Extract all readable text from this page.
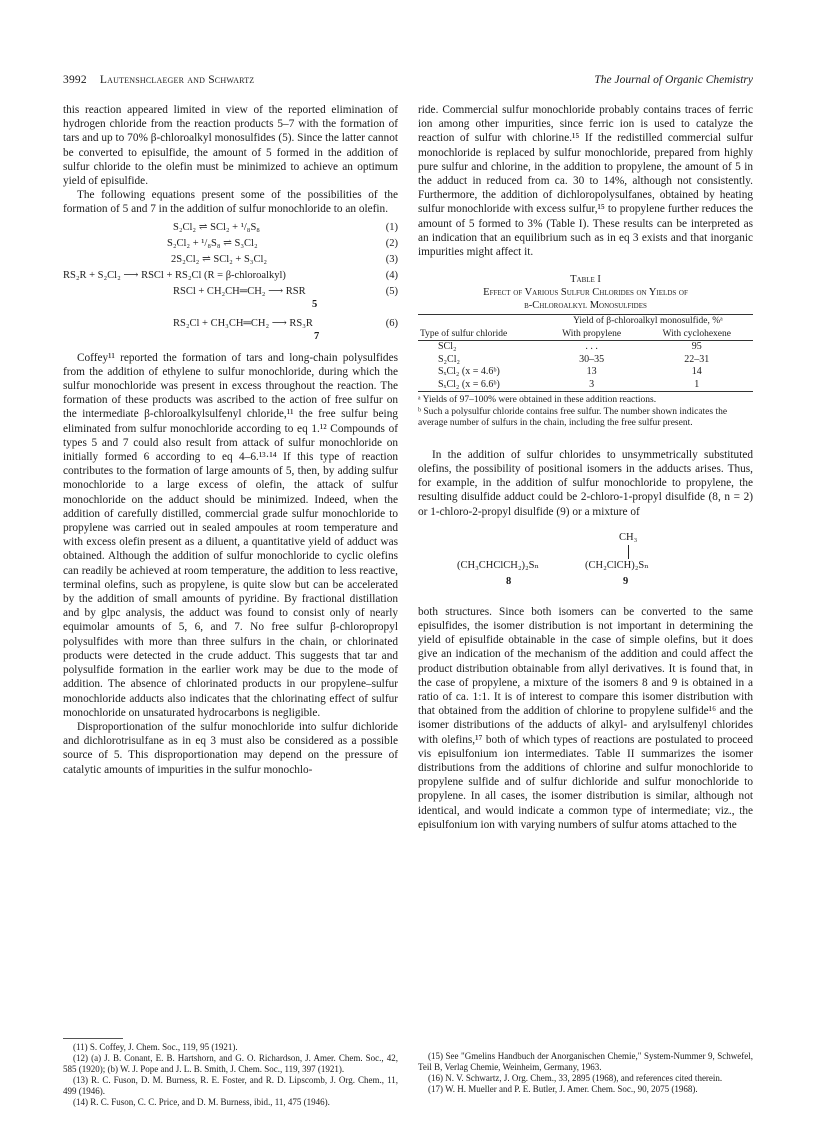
3992 Lautenshclaeger and Schwartz	The Journal of Organic Chemistry

this reaction appeared limited in view of the reported elimination of hydrogen chloride from the reaction products 5–7 with the formation of tars and up to 70% β-chloroalkyl monosulfides (5). Since the latter cannot be converted to episulfide, the amount of 5 formed in the addition of sulfur chloride to the olefin must be minimized to achieve an optimum yield of episulfide.

The following equations present some of the possibilities of the formation of 5 and 7 in the addition of sulfur monochloride to an olefin.

S₂Cl₂ ⇌ SCl₂ + ¹/₈S₈	(1)
S₂Cl₂ + ¹/₈S₈ ⇌ S₃Cl₂	(2)
2S₂Cl₂ ⇌ SCl₂ + S₃Cl₂	(3)
RS₂R + S₂Cl₂ ⟶ RSCl + RS₂Cl (R = β-chloroalkyl)	(4)
RSCl + CH₂CH═CH₂ ⟶ RSR
5
(5)
RS₂Cl + CH₃CH═CH₂ ⟶ RS₃R
7
(6)

Coffey¹¹ reported the formation of tars and long-chain polysulfides from the addition of ethylene to sulfur monochloride, during which the sulfur monochloride was present in excess throughout the reaction. The formation of these products was ascribed to the action of free sulfur on the intermediate β-chloroalkylsulfenyl chloride,¹¹ the free sulfur being eliminated from sulfur monochloride according to eq 1.¹² Compounds of types 5 and 7 could also result from attack of sulfur monochloride on initially formed 6 according to eq 4–6.¹³·¹⁴ If this type of reaction contributes to the formation of large amounts of 5, then, by adding sulfur monochloride to a large excess of olefin, the attack of sulfur monochloride on the adduct should be minimized. Indeed, when the addition of carefully distilled, commercial grade sulfur monochloride to propylene was carried out in sealed ampoules at room temperature and with excess olefin present as a diluent, a quantitative yield of adduct was obtained. Although the addition of sulfur monochloride to cyclic olefins can readily be achieved at room temperature, the addition to less reactive, terminal olefins, such as propylene, is quite slow but can be accelerated by the addition of small amounts of pyridine. By fractional distillation and by glpc analysis, the adduct was found to consist only of nearly equimolar amounts of 5, 6, and 7. No free sulfur β-chloropropyl polysulfides with more than three sulfurs in the chain, or chlorinated products were detected in the crude adduct. This suggests that tar and polysulfide formation in the earlier work may be due to the mode of addition. The absence of chlorinated products in our propylene–sulfur monochloride adducts also indicates that the chlorinating effect of sulfur monochloride on unsaturated hydrocarbons is negligible.

Disproportionation of the sulfur monochloride into sulfur dichloride and dichlorotrisulfane as in eq 3 must also be considered as a possible source of 5. This disproportionation may depend on the pressure of catalytic amounts of impurities in the sulfur monochlo-

ride. Commercial sulfur monochloride probably contains traces of ferric ion among other impurities, since ferric ion is used to catalyze the reaction of sulfur with chlorine.¹⁵ If the redistilled commercial sulfur monochloride is replaced by sulfur monochloride, prepared from highly pure sulfur and chlorine, in the addition to propylene, the amount of 5 in the adduct in reduced from ca. 30 to 14%, although not consistently. Furthermore, the addition of dichloropolysulfanes, obtained by heating sulfur monochloride with excess sulfur,¹⁵ to propylene further reduces the amount of 5 formed to 3% (Table I). These results can be interpreted as an indication that an equilibrium such as in eq 3 exists and that inorganic impurities might affect it.

Table I
Effect of Various Sulfur Chlorides on Yields of
β-Chloroalkyl Monosulfides
	Yield of β-chloroalkyl monosulfide, %ᵃ	
Type of sulfur chloride	With propylene	With cyclohexene
SCl₂	. . .	95
S₂Cl₂	30–35	22–31
SₓCl₂ (x = 4.6ᵇ)	13	14
SₓCl₂ (x = 6.6ᵇ)	3	1

ᵃ Yields of 97–100% were obtained in these addition reactions.
ᵇ Such a polysulfur chloride contains free sulfur. The number shown indicates the average number of sulfurs in the chain, including the free sulfur present.

In the addition of sulfur chlorides to unsymmetrically substituted olefins, the possibility of positional isomers in the adducts arises. Thus, for example, in the addition of sulfur monochloride to propylene, the resulting disulfide adduct could be 2-chloro-1-propyl disulfide (8, n = 2) or 1-chloro-2-propyl disulfide (9) or a mixture of

CH₃
(CH₃CHClCH₂)₂Sₙ
8
(CH₂ClCH)₂Sₙ
9

both structures. Since both isomers can be converted to the same episulfides, the isomer distribution is not important in determining the yield of episulfide obtainable in the case of simple olefins, but it does give an indication of the mechanism of the addition and could affect the product distribution obtainable from allyl derivatives. It is found that, in the case of propylene, a mixture of the isomers 8 and 9 is obtained in a ratio of ca. 1:1. It is of interest to compare this isomer distribution with that obtained from the addition of chlorine to propylene sulfide¹⁶ and the isomer distributions of the adducts of alkyl- and arylsulfenyl chlorides with olefins,¹⁷ both of which types of reactions are postulated to proceed vis episulfonium ion intermediates. Table II summarizes the isomer distributions from the additions of chlorine and sulfur monochloride to propylene sulfide and of sulfur dichloride and sulfur monochloride to propylene. In all cases, the isomer distribution is similar, although not identical, and would indicate a common type of intermediate; viz., the episulfonium ion with varying numbers of sulfur atoms attached to the

(11) S. Coffey, J. Chem. Soc., 119, 95 (1921).

(12) (a) J. B. Conant, E. B. Hartshorn, and G. O. Richardson, J. Amer. Chem. Soc., 42, 585 (1920); (b) W. J. Pope and J. L. B. Smith, J. Chem. Soc., 119, 397 (1921).

(13) R. C. Fuson, D. M. Burness, R. E. Foster, and R. D. Lipscomb, J. Org. Chem., 11, 499 (1946).

(14) R. C. Fuson, C. C. Price, and D. M. Burness, ibid., 11, 475 (1946).

(15) See "Gmelins Handbuch der Anorganischen Chemie," System-Nummer 9, Schwefel, Teil B, Verlag Chemie, Weinheim, Germany, 1963.

(16) N. V. Schwartz, J. Org. Chem., 33, 2895 (1968), and references cited therein.

(17) W. H. Mueller and P. E. Butler, J. Amer. Chem. Soc., 90, 2075 (1968).
